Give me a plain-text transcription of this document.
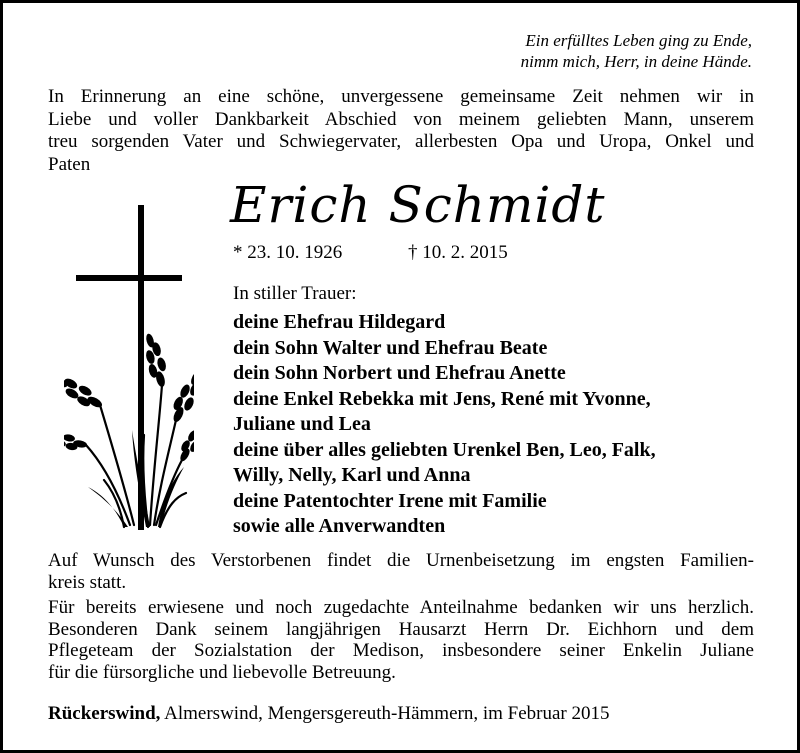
Ein erfülltes Leben ging zu Ende,
nimm mich, Herr, in deine Hände.
In Erinnerung an eine schöne, unvergessene gemeinsame Zeit nehmen wir in
Liebe und voller Dankbarkeit Abschied von meinem geliebten Mann, unserem
treu sorgenden Vater und Schwiegervater, allerbesten Opa und Uropa, Onkel und
Paten
Erich Schmidt
* 23. 10. 1926	† 10. 2. 2015
In stiller Trauer:
deine Ehefrau Hildegard
dein Sohn Walter und Ehefrau Beate
dein Sohn Norbert und Ehefrau Anette
deine Enkel Rebekka mit Jens, René mit Yvonne,
Juliane und Lea
deine über alles geliebten Urenkel Ben, Leo, Falk,
Willy, Nelly, Karl und Anna
deine Patentochter Irene mit Familie
sowie alle Anverwandten
Auf Wunsch des Verstorbenen findet die Urnenbeisetzung im engsten Familien-
kreis statt.
Für bereits erwiesene und noch zugedachte Anteilnahme bedanken wir uns herzlich.
Besonderen Dank seinem langjährigen Hausarzt Herrn Dr. Eichhorn und dem
Pflegeteam der Sozialstation der Medison, insbesondere seiner Enkelin Juliane
für die fürsorgliche und liebevolle Betreuung.
Rückerswind, Almerswind, Mengersgereuth-Hämmern, im Februar 2015
